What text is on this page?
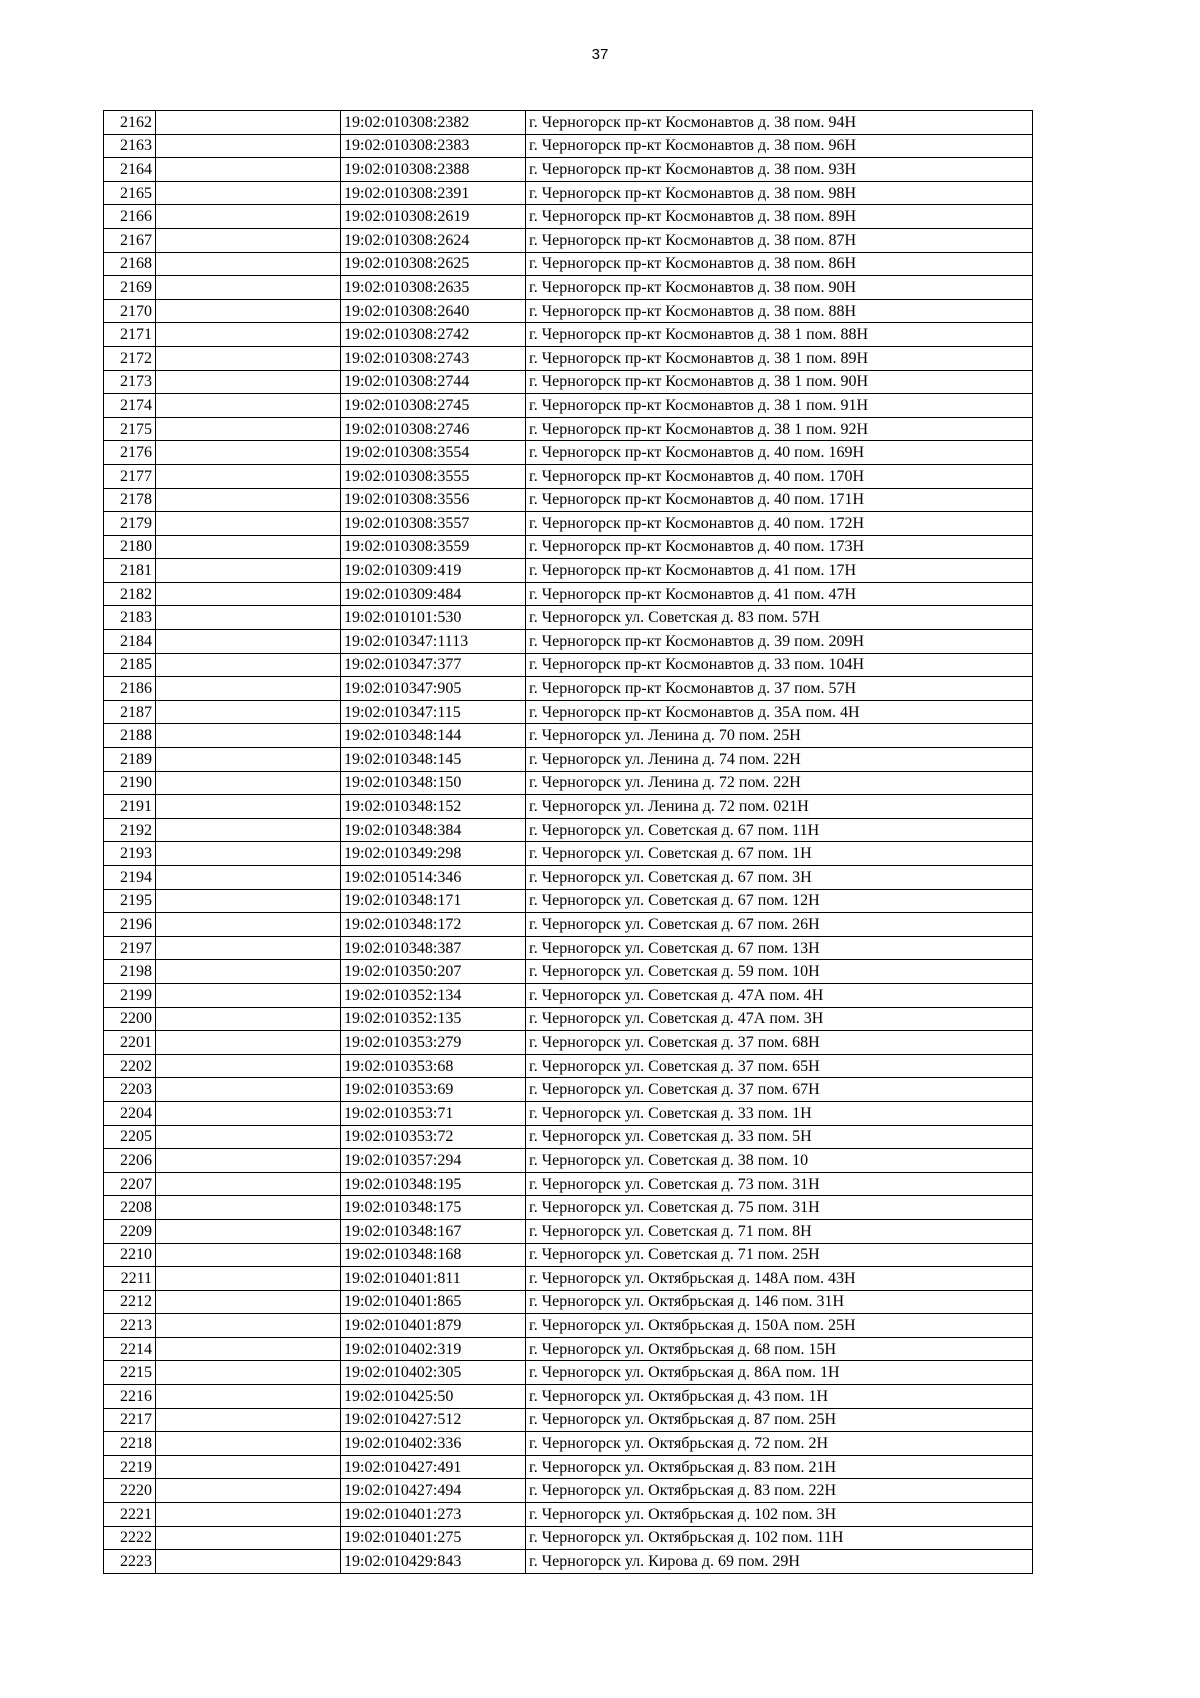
37
2162		19:02:010308:2382	г. Черногорск пр-кт Космонавтов д. 38 пом. 94Н
2163		19:02:010308:2383	г. Черногорск пр-кт Космонавтов д. 38 пом. 96Н
2164		19:02:010308:2388	г. Черногорск пр-кт Космонавтов д. 38 пом. 93Н
2165		19:02:010308:2391	г. Черногорск пр-кт Космонавтов д. 38 пом. 98Н
2166		19:02:010308:2619	г. Черногорск пр-кт Космонавтов д. 38 пом. 89Н
2167		19:02:010308:2624	г. Черногорск пр-кт Космонавтов д. 38 пом. 87Н
2168		19:02:010308:2625	г. Черногорск пр-кт Космонавтов д. 38 пом. 86Н
2169		19:02:010308:2635	г. Черногорск пр-кт Космонавтов д. 38 пом. 90Н
2170		19:02:010308:2640	г. Черногорск пр-кт Космонавтов д. 38 пом. 88Н
2171		19:02:010308:2742	г. Черногорск пр-кт Космонавтов д. 38 1 пом. 88Н
2172		19:02:010308:2743	г. Черногорск пр-кт Космонавтов д. 38 1 пом. 89Н
2173		19:02:010308:2744	г. Черногорск пр-кт Космонавтов д. 38 1 пом. 90Н
2174		19:02:010308:2745	г. Черногорск пр-кт Космонавтов д. 38 1 пом. 91Н
2175		19:02:010308:2746	г. Черногорск пр-кт Космонавтов д. 38 1 пом. 92Н
2176		19:02:010308:3554	г. Черногорск пр-кт Космонавтов д. 40 пом. 169Н
2177		19:02:010308:3555	г. Черногорск пр-кт Космонавтов д. 40 пом. 170Н
2178		19:02:010308:3556	г. Черногорск пр-кт Космонавтов д. 40 пом. 171Н
2179		19:02:010308:3557	г. Черногорск пр-кт Космонавтов д. 40 пом. 172Н
2180		19:02:010308:3559	г. Черногорск пр-кт Космонавтов д. 40 пом. 173Н
2181		19:02:010309:419	г. Черногорск пр-кт Космонавтов д. 41 пом. 17Н
2182		19:02:010309:484	г. Черногорск пр-кт Космонавтов д. 41 пом. 47Н
2183		19:02:010101:530	г. Черногорск ул. Советская д. 83 пом. 57Н
2184		19:02:010347:1113	г. Черногорск пр-кт Космонавтов д. 39 пом. 209Н
2185		19:02:010347:377	г. Черногорск пр-кт Космонавтов д. 33 пом. 104Н
2186		19:02:010347:905	г. Черногорск пр-кт Космонавтов д. 37 пом. 57Н
2187		19:02:010347:115	г. Черногорск пр-кт Космонавтов д. 35А пом. 4Н
2188		19:02:010348:144	г. Черногорск ул. Ленина д. 70 пом. 25Н
2189		19:02:010348:145	г. Черногорск ул. Ленина д. 74 пом. 22Н
2190		19:02:010348:150	г. Черногорск ул. Ленина д. 72 пом. 22Н
2191		19:02:010348:152	г. Черногорск ул. Ленина д. 72 пом. 021Н
2192		19:02:010348:384	г. Черногорск ул. Советская д. 67 пом. 11Н
2193		19:02:010349:298	г. Черногорск ул. Советская д. 67 пом. 1Н
2194		19:02:010514:346	г. Черногорск ул. Советская д. 67 пом. 3Н
2195		19:02:010348:171	г. Черногорск ул. Советская д. 67 пом. 12Н
2196		19:02:010348:172	г. Черногорск ул. Советская д. 67 пом. 26Н
2197		19:02:010348:387	г. Черногорск ул. Советская д. 67 пом. 13Н
2198		19:02:010350:207	г. Черногорск ул. Советская д. 59 пом. 10Н
2199		19:02:010352:134	г. Черногорск ул. Советская д. 47А пом. 4Н
2200		19:02:010352:135	г. Черногорск ул. Советская д. 47А пом. 3Н
2201		19:02:010353:279	г. Черногорск ул. Советская д. 37 пом. 68Н
2202		19:02:010353:68	г. Черногорск ул. Советская д. 37 пом. 65Н
2203		19:02:010353:69	г. Черногорск ул. Советская д. 37 пом. 67Н
2204		19:02:010353:71	г. Черногорск ул. Советская д. 33 пом. 1Н
2205		19:02:010353:72	г. Черногорск ул. Советская д. 33 пом. 5Н
2206		19:02:010357:294	г. Черногорск ул. Советская д. 38 пом. 10
2207		19:02:010348:195	г. Черногорск ул. Советская д. 73 пом. 31Н
2208		19:02:010348:175	г. Черногорск ул. Советская д. 75 пом. 31Н
2209		19:02:010348:167	г. Черногорск ул. Советская д. 71 пом. 8Н
2210		19:02:010348:168	г. Черногорск ул. Советская д. 71 пом. 25Н
2211		19:02:010401:811	г. Черногорск ул. Октябрьская д. 148А пом. 43Н
2212		19:02:010401:865	г. Черногорск ул. Октябрьская д. 146 пом. 31Н
2213		19:02:010401:879	г. Черногорск ул. Октябрьская д. 150А пом. 25Н
2214		19:02:010402:319	г. Черногорск ул. Октябрьская д. 68 пом. 15Н
2215		19:02:010402:305	г. Черногорск ул. Октябрьская д. 86А пом. 1Н
2216		19:02:010425:50	г. Черногорск ул. Октябрьская д. 43 пом. 1Н
2217		19:02:010427:512	г. Черногорск ул. Октябрьская д. 87 пом. 25Н
2218		19:02:010402:336	г. Черногорск ул. Октябрьская д. 72 пом. 2Н
2219		19:02:010427:491	г. Черногорск ул. Октябрьская д. 83 пом. 21Н
2220		19:02:010427:494	г. Черногорск ул. Октябрьская д. 83 пом. 22Н
2221		19:02:010401:273	г. Черногорск ул. Октябрьская д. 102 пом. 3Н
2222		19:02:010401:275	г. Черногорск ул. Октябрьская д. 102 пом. 11Н
2223		19:02:010429:843	г. Черногорск ул. Кирова д. 69 пом. 29Н
